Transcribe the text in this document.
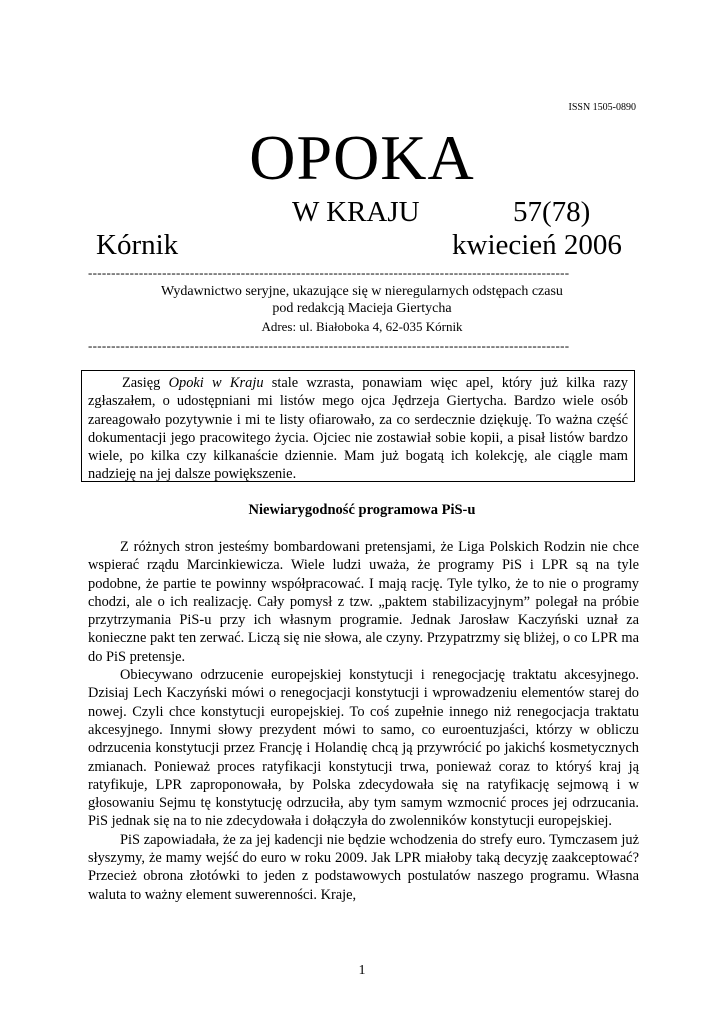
ISSN 1505-0890
OPOKA
W KRAJU	57(78)
Kórnik	kwiecień 2006
--------------------------------------------------------------------------------------------------------
Wydawnictwo seryjne, ukazujące się w nieregularnych odstępach czasu
pod redakcją Macieja Giertycha
Adres: ul. Białoboka 4, 62-035 Kórnik
--------------------------------------------------------------------------------------------------------

Zasięg Opoki w Kraju stale wzrasta, ponawiam więc apel, który już kilka razy zgłaszałem, o udostępniani mi listów mego ojca Jędrzeja Giertycha. Bardzo wiele osób zareagowało pozytywnie i mi te listy ofiarowało, za co serdecznie dziękuję. To ważna część dokumentacji jego pracowitego życia. Ojciec nie zostawiał sobie kopii, a pisał listów bardzo wiele, po kilka czy kilkanaście dziennie. Mam już bogatą ich kolekcję, ale ciągle mam nadzieję na jej dalsze powiększenie.

Niewiarygodność programowa PiS-u

Z różnych stron jesteśmy bombardowani pretensjami, że Liga Polskich Rodzin nie chce wspierać rządu Marcinkiewicza. Wiele ludzi uważa, że programy PiS i LPR są na tyle podobne, że partie te powinny współpracować. I mają rację. Tyle tylko, że to nie o programy chodzi, ale o ich realizację. Cały pomysł z tzw. „paktem stabilizacyjnym” polegał na próbie przytrzymania PiS-u przy ich własnym programie. Jednak Jarosław Kaczyński uznał za konieczne pakt ten zerwać. Liczą się nie słowa, ale czyny. Przypatrzmy się bliżej, o co LPR ma do PiS pretensje.

Obiecywano odrzucenie europejskiej konstytucji i renegocjację traktatu akcesyjnego. Dzisiaj Lech Kaczyński mówi o renegocjacji konstytucji i wprowadzeniu elementów starej do nowej. Czyli chce konstytucji europejskiej. To coś zupełnie innego niż renegocjacja traktatu akcesyjnego. Innymi słowy prezydent mówi to samo, co euroentuzjaści, którzy w obliczu odrzucenia konstytucji przez Francję i Holandię chcą ją przywrócić po jakichś kosmetycznych zmianach. Ponieważ proces ratyfikacji konstytucji trwa, ponieważ coraz to któryś kraj ją ratyfikuje, LPR zaproponowała, by Polska zdecydowała się na ratyfikację sejmową i w głosowaniu Sejmu tę konstytucję odrzuciła, aby tym samym wzmocnić proces jej odrzucania. PiS jednak się na to nie zdecydowała i dołączyła do zwolenników konstytucji europejskiej.

PiS zapowiadała, że za jej kadencji nie będzie wchodzenia do strefy euro. Tymczasem już słyszymy, że mamy wejść do euro w roku 2009. Jak LPR miałoby taką decyzję zaakceptować? Przecież obrona złotówki to jeden z podstawowych postulatów naszego programu. Własna waluta to ważny element suwerenności. Kraje,

1
